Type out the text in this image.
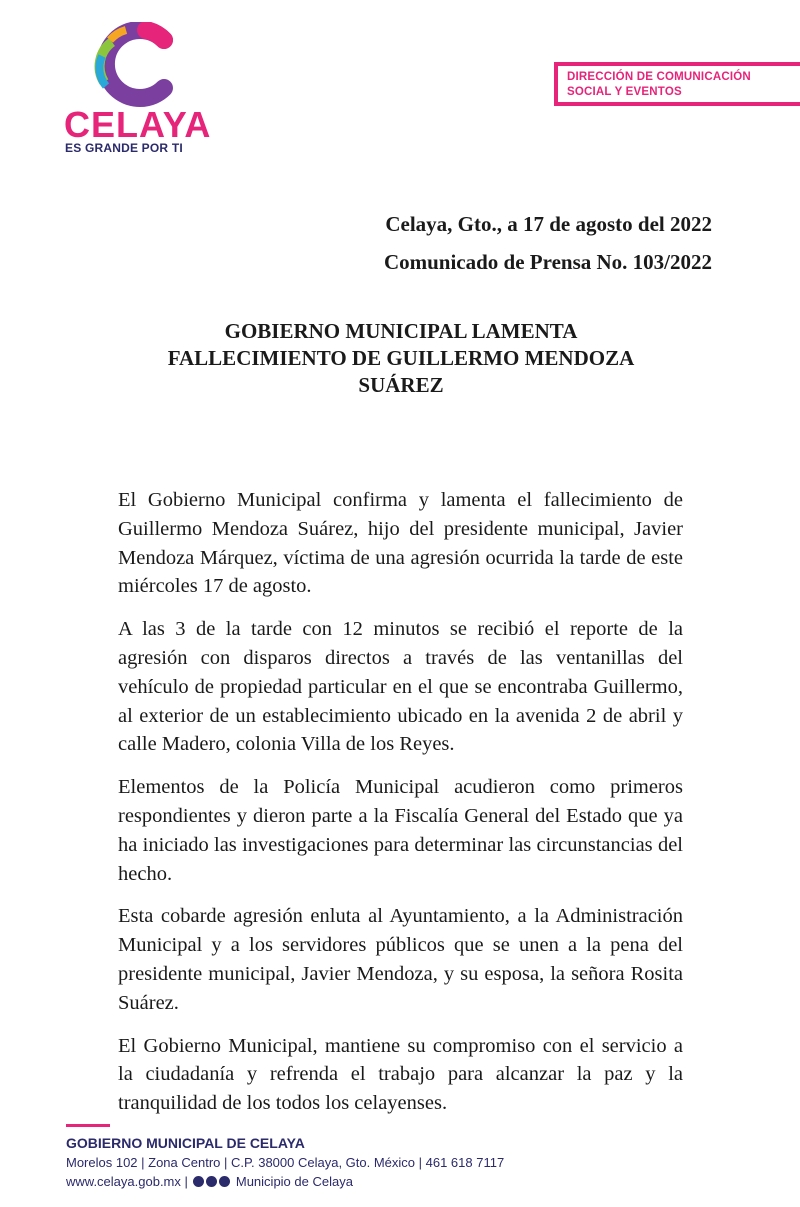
CELAYA
ES GRANDE POR TI
DIRECCIÓN DE COMUNICACIÓN
SOCIAL Y EVENTOS
Celaya, Gto., a 17 de agosto del 2022
Comunicado de Prensa No. 103/2022
GOBIERNO MUNICIPAL LAMENTA
FALLECIMIENTO DE GUILLERMO MENDOZA
SUÁREZ

El Gobierno Municipal confirma y lamenta el fallecimiento de Guillermo Mendoza Suárez, hijo del presidente municipal, Javier Mendoza Márquez, víctima de una agresión ocurrida la tarde de este miércoles 17 de agosto.

A las 3 de la tarde con 12 minutos se recibió el reporte de la agresión con disparos directos a través de las ventanillas del vehículo de propiedad particular en el que se encontraba Guillermo, al exterior de un establecimiento ubicado en la avenida 2 de abril y calle Madero, colonia Villa de los Reyes.

Elementos de la Policía Municipal acudieron como primeros respondientes y dieron parte a la Fiscalía General del Estado que ya ha iniciado las investigaciones para determinar las circunstancias del hecho.

Esta cobarde agresión enluta al Ayuntamiento, a la Administración Municipal y a los servidores públicos que se unen a la pena del presidente municipal, Javier Mendoza, y su esposa, la señora Rosita Suárez.

El Gobierno Municipal, mantiene su compromiso con el servicio a la ciudadanía y refrenda el trabajo para alcanzar la paz y la tranquilidad de los todos los celayenses.

GOBIERNO MUNICIPAL DE CELAYA
Morelos 102 | Zona Centro | C.P. 38000 Celaya, Gto. México | 461 618 7117
www.celaya.gob.mx |	Municipio de Celaya
